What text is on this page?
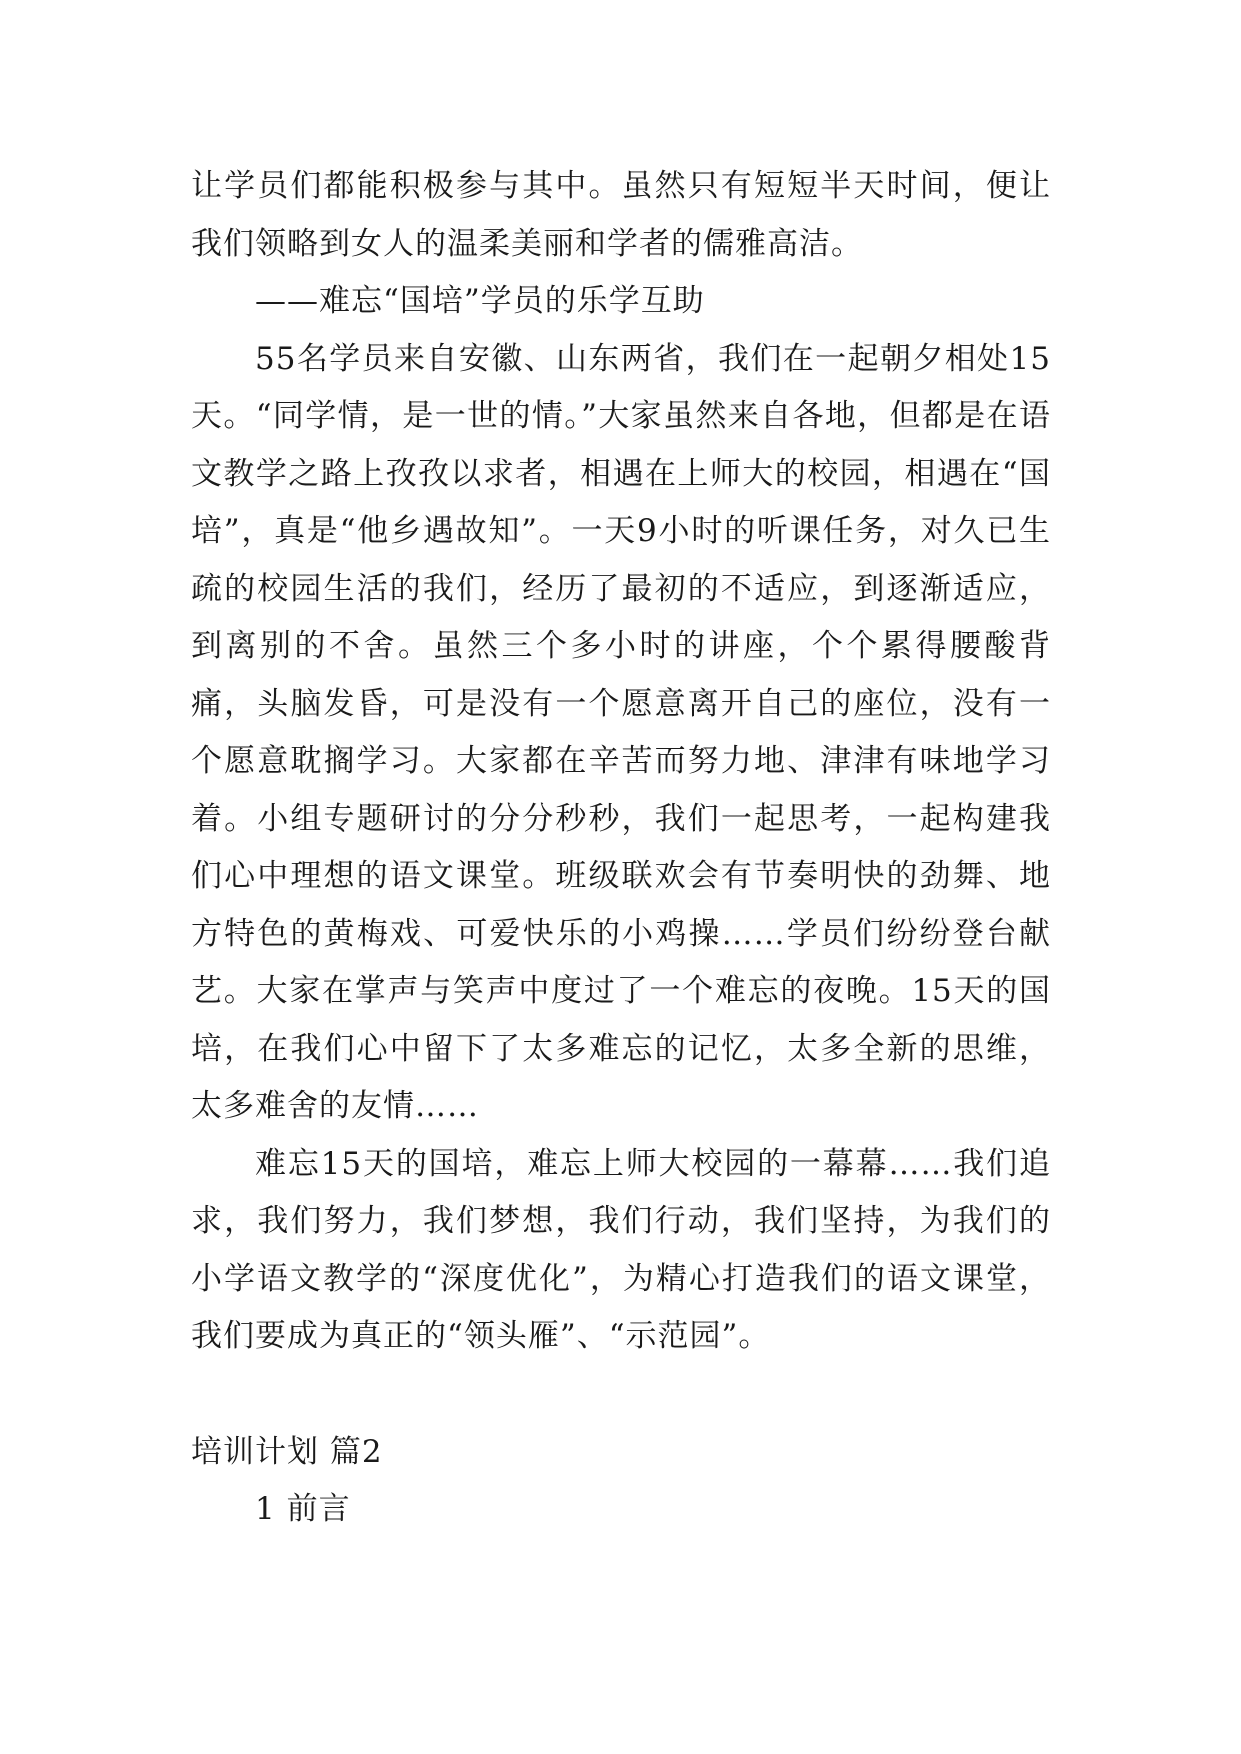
让学员们都能积极参与其中。虽然只有短短半天时间，便让我们领略到女人的温柔美丽和学者的儒雅高洁。

——难忘“国培”学员的乐学互助

55名学员来自安徽、山东两省，我们在一起朝夕相处15天。“同学情，是一世的情。”大家虽然来自各地，但都是在语文教学之路上孜孜以求者，相遇在上师大的校园，相遇在“国培”，真是“他乡遇故知”。一天9小时的听课任务，对久已生疏的校园生活的我们，经历了最初的不适应，到逐渐适应，到离别的不舍。虽然三个多小时的讲座，个个累得腰酸背痛，头脑发昏，可是没有一个愿意离开自己的座位，没有一个愿意耽搁学习。大家都在辛苦而努力地、津津有味地学习着。小组专题研讨的分分秒秒，我们一起思考，一起构建我们心中理想的语文课堂。班级联欢会有节奏明快的劲舞、地方特色的黄梅戏、可爱快乐的小鸡操……学员们纷纷登台献艺。大家在掌声与笑声中度过了一个难忘的夜晚。15天的国培，在我们心中留下了太多难忘的记忆，太多全新的思维，太多难舍的友情……

难忘15天的国培，难忘上师大校园的一幕幕……我们追求，我们努力，我们梦想，我们行动，我们坚持，为我们的小学语文教学的“深度优化”，为精心打造我们的语文课堂，我们要成为真正的“领头雁”、“示范园”。

培训计划 篇2

1 前言
